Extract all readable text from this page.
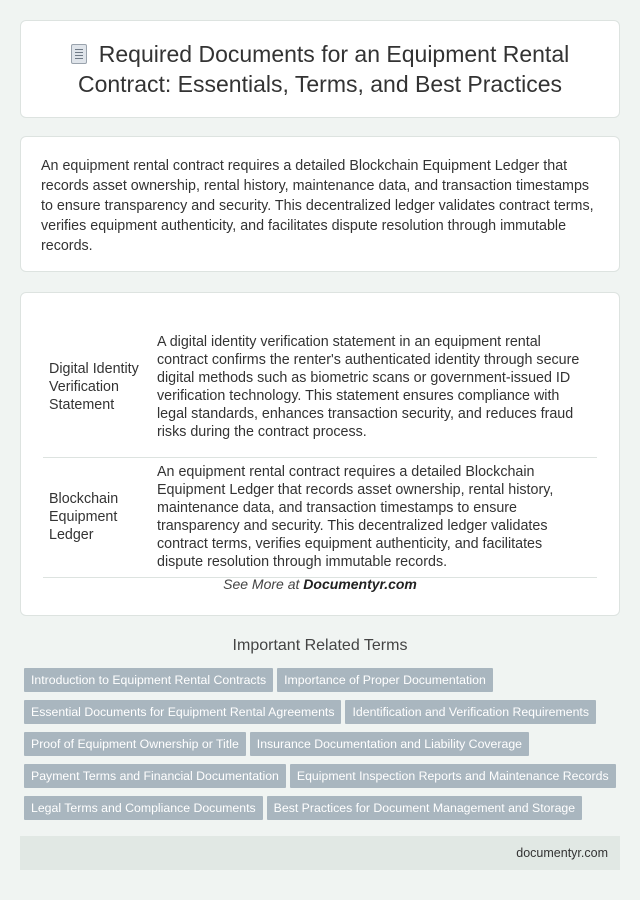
Required Documents for an Equipment Rental Contract: Essentials, Terms, and Best Practices

An equipment rental contract requires a detailed Blockchain Equipment Ledger that records asset ownership, rental history, maintenance data, and transaction timestamps to ensure transparency and security. This decentralized ledger validates contract terms, verifies equipment authenticity, and facilitates dispute resolution through immutable records.

Digital Identity Verification Statement	A digital identity verification statement in an equipment rental contract confirms the renter's authenticated identity through secure digital methods such as biometric scans or government-issued ID verification technology. This statement ensures compliance with legal standards, enhances transaction security, and reduces fraud risks during the contract process.
Blockchain Equipment Ledger	An equipment rental contract requires a detailed Blockchain Equipment Ledger that records asset ownership, rental history, maintenance data, and transaction timestamps to ensure transparency and security. This decentralized ledger validates contract terms, verifies equipment authenticity, and facilitates dispute resolution through immutable records.
See More at Documentyr.com
Important Related Terms
Introduction to Equipment Rental Contracts	Importance of Proper Documentation
Essential Documents for Equipment Rental Agreements	Identification and Verification Requirements
Proof of Equipment Ownership or Title	Insurance Documentation and Liability Coverage
Payment Terms and Financial Documentation	Equipment Inspection Reports and Maintenance Records
Legal Terms and Compliance Documents	Best Practices for Document Management and Storage
documentyr.com
